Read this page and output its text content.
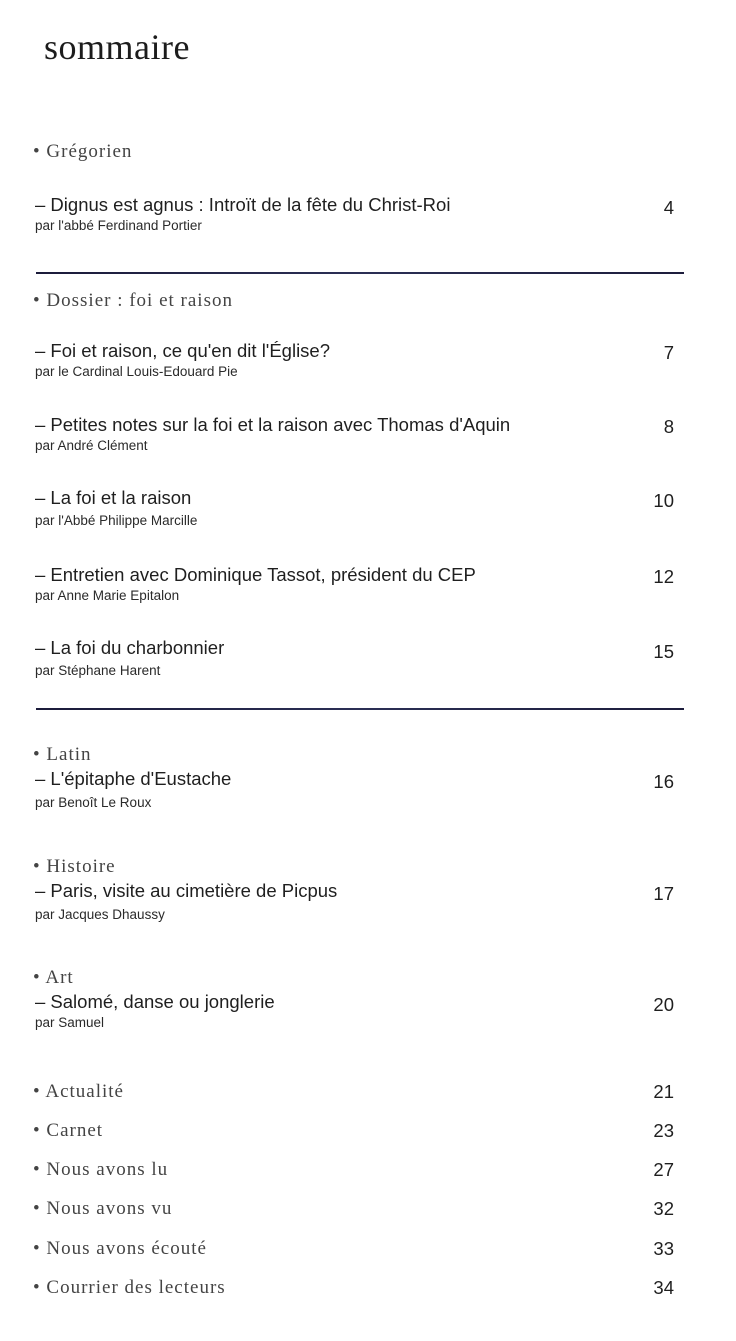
sommaire
• Grégorien
– Dignus est agnus : Introït de la fête du Christ-Roi
par l'abbé Ferdinand Portier
4
• Dossier : foi et raison
– Foi et raison, ce qu'en dit l'Église?
par le Cardinal Louis-Edouard Pie
7
– Petites notes sur la foi et la raison avec Thomas d'Aquin
par André Clément
8
– La foi et la raison
par l'Abbé Philippe Marcille
10
– Entretien avec Dominique Tassot, président du CEP
par Anne Marie Epitalon
12
– La foi du charbonnier
par Stéphane Harent
15
• Latin
– L'épitaphe d'Eustache
par Benoît Le Roux
16
• Histoire
– Paris, visite au cimetière de Picpus
par Jacques Dhaussy
17
• Art
– Salomé, danse ou jonglerie
par Samuel
20
• Actualité	21
• Carnet	23
• Nous avons lu	27
• Nous avons vu	32
• Nous avons écouté	33
• Courrier des lecteurs	34
